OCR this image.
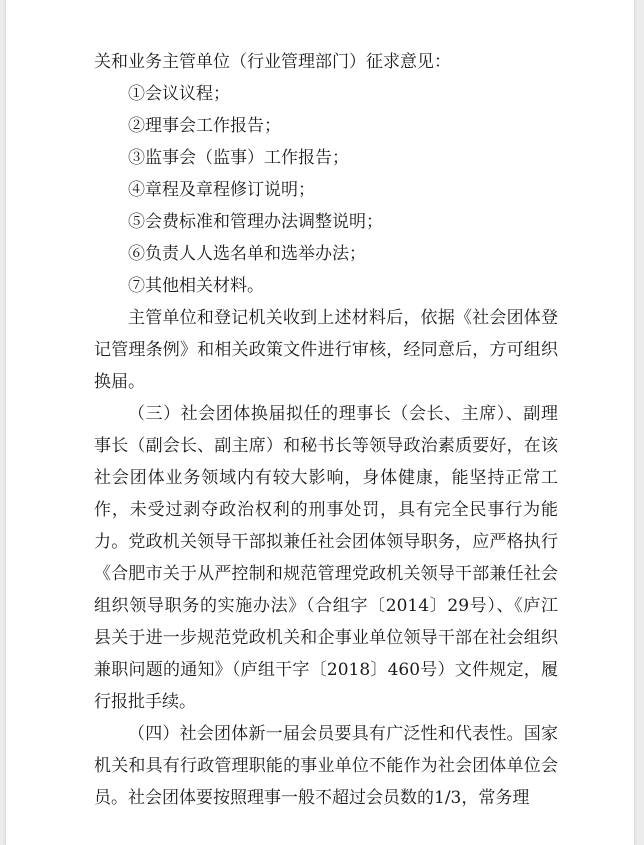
关和业务主管单位（行业管理部门）征求意见：

①会议议程；

②理事会工作报告；

③监事会（监事）工作报告；

④章程及章程修订说明；

⑤会费标准和管理办法调整说明；

⑥负责人人选名单和选举办法；

⑦其他相关材料。

主管单位和登记机关收到上述材料后，依据《社会团体登记管理条例》和相关政策文件进行审核，经同意后，方可组织换届。

（三）社会团体换届拟任的理事长（会长、主席）、副理事长（副会长、副主席）和秘书长等领导政治素质要好，在该社会团体业务领域内有较大影响，身体健康，能坚持正常工作，未受过剥夺政治权利的刑事处罚，具有完全民事行为能力。党政机关领导干部拟兼任社会团体领导职务，应严格执行《合肥市关于从严控制和规范管理党政机关领导干部兼任社会组织领导职务的实施办法》（合组字〔2014〕29号）、《庐江县关于进一步规范党政机关和企事业单位领导干部在社会组织兼职问题的通知》（庐组干字〔2018〕460号）文件规定，履行报批手续。

（四）社会团体新一届会员要具有广泛性和代表性。国家机关和具有行政管理职能的事业单位不能作为社会团体单位会员。社会团体要按照理事一般不超过会员数的1/3，常务理
